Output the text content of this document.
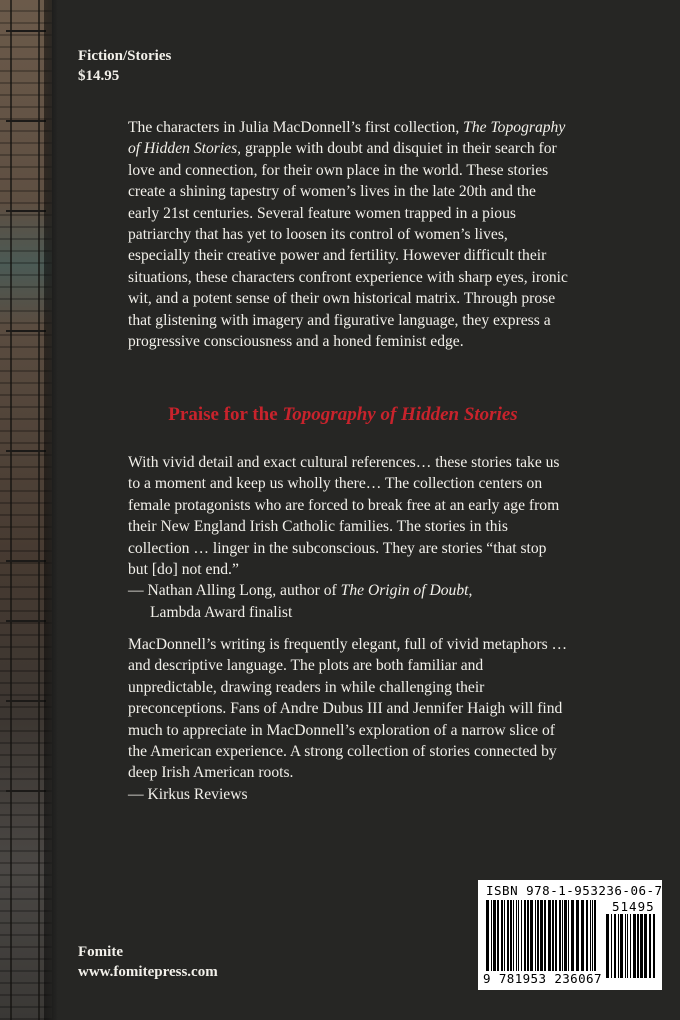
Fiction/Stories
$14.95

The characters in Julia MacDonnell’s first collection, The Topography of Hidden Stories, grapple with doubt and disquiet in their search for love and connection, for their own place in the world. These stories create a shining tapestry of women’s lives in the late 20th and the early 21st centuries. Several feature women trapped in a pious patriarchy that has yet to loosen its control of women’s lives, especially their creative power and fertility. However difficult their situations, these characters confront experience with sharp eyes, ironic wit, and a potent sense of their own historical matrix. Through prose that glistening with imagery and figurative language, they express a progressive consciousness and a honed feminist edge.

Praise for the Topography of Hidden Stories

With vivid detail and exact cultural references… these stories take us to a moment and keep us wholly there… The collection centers on female protagonists who are forced to break free at an early age from their New England Irish Catholic families. The stories in this collection … linger in the subconscious. They are stories “that stop but [do] not end.”

— Nathan Alling Long, author of The Origin of Doubt,

Lambda Award finalist

MacDonnell’s writing is frequently elegant, full of vivid metaphors … and descriptive language. The plots are both familiar and unpredictable, drawing readers in while challenging their preconceptions. Fans of Andre Dubus III and Jennifer Haigh will find much to appreciate in MacDonnell’s exploration of a narrow slice of the American experience. A strong collection of stories connected by deep Irish American roots.

— Kirkus Reviews

Fomite
www.fomitepress.com
ISBN 978-1-953236-06-7
51495
9 781953 236067
